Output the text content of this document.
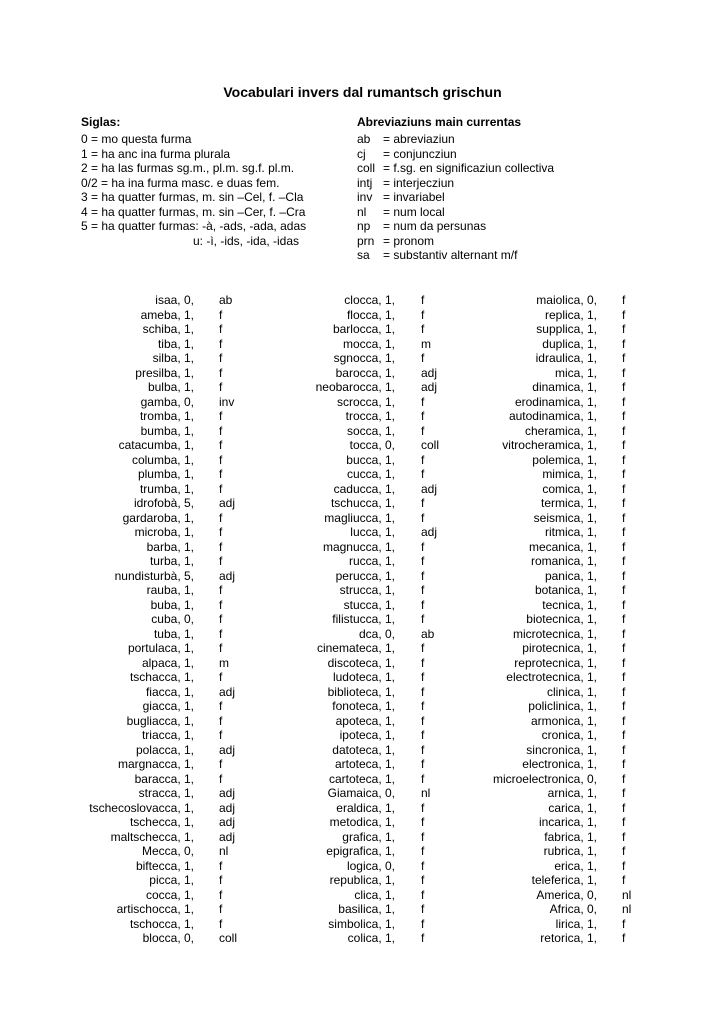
Vocabulari invers dal rumantsch grischun
Siglas:
0 = mo questa furma
1 = ha anc ina furma plurala
2 = ha las furmas sg.m., pl.m. sg.f. pl.m.
0/2 = ha ina furma masc. e duas fem.
3 = ha quatter furmas, m. sin –Cel, f. –Cla
4 = ha quatter furmas, m. sin –Cer, f. –Cra
5 = ha quatter furmas: -à, -ads, -ada, adas
u: -ì, -ids, -ida, -idas
Abreviaziuns main currentas
ab	= abreviaziun
cj	= conjuncziun
coll = f.sg. en significaziun collectiva
intj = interjecziun
inv = invariabel
nl	= num local
np	= num da persunas
prn = pronom
sa	= substantiv alternant m/f
isaa, 0, ab	clocca, 1, f	maiolica, 0, f
ameba, 1, f	flocca, 1, f	replica, 1, f
schiba, 1, f	barlocca, 1, f	supplica, 1, f
tiba, 1, f	mocca, 1, m	duplica, 1, f
silba, 1, f	sgnocca, 1, f	idraulica, 1, f
presilba, 1, f	barocca, 1, adj	mica, 1, f
bulba, 1, f	neobarocca, 1, adj	dinamica, 1, f
gamba, 0, inv	scrocca, 1, f	erodinamica, 1, f
tromba, 1, f	trocca, 1, f	autodinamica, 1, f
bumba, 1, f	socca, 1, f	cheramica, 1, f
catacumba, 1, f	tocca, 0, coll	vitrocheramica, 1, f
columba, 1, f	bucca, 1, f	polemica, 1, f
plumba, 1, f	cucca, 1, f	mimica, 1, f
trumba, 1, f	caducca, 1, adj	comica, 1, f
idrofobà, 5, adj	tschucca, 1, f	termica, 1, f
gardaroba, 1, f	magliucca, 1, f	seismica, 1, f
microba, 1, f	lucca, 1, adj	ritmica, 1, f
barba, 1, f	magnucca, 1, f	mecanica, 1, f
turba, 1, f	rucca, 1, f	romanica, 1, f
nundisturbà, 5, adj	perucca, 1, f	panica, 1, f
rauba, 1, f	strucca, 1, f	botanica, 1, f
buba, 1, f	stucca, 1, f	tecnica, 1, f
cuba, 0, f	filistucca, 1, f	biotecnica, 1, f
tuba, 1, f	dca, 0, ab	microtecnica, 1, f
portulaca, 1, f	cinemateca, 1, f	pirotecnica, 1, f
alpaca, 1, m	discoteca, 1, f	reprotecnica, 1, f
tschacca, 1, f	ludoteca, 1, f	electrotecnica, 1, f
fiacca, 1, adj	biblioteca, 1, f	clinica, 1, f
giacca, 1, f	fonoteca, 1, f	policlinica, 1, f
bugliacca, 1, f	apoteca, 1, f	armonica, 1, f
triacca, 1, f	ipoteca, 1, f	cronica, 1, f
polacca, 1, adj	datoteca, 1, f	sincronica, 1, f
margnacca, 1, f	artoteca, 1, f	electronica, 1, f
baracca, 1, f	cartoteca, 1, f	microelectronica, 0, f
stracca, 1, adj	Giamaica, 0, nl	arnica, 1, f
tschecoslovacca, 1, adj	eraldica, 1, f	carica, 1, f
tschecca, 1, adj	metodica, 1, f	incarica, 1, f
maltschecca, 1, adj	grafica, 1, f	fabrica, 1, f
Mecca, 0, nl	epigrafica, 1, f	rubrica, 1, f
biftecca, 1, f	logica, 0, f	erica, 1, f
picca, 1, f	republica, 1, f	teleferica, 1, f
cocca, 1, f	clica, 1, f	America, 0, nl
artischocca, 1, f	basilica, 1, f	Africa, 0, nl
tschocca, 1, f	simbolica, 1, f	lirica, 1, f
blocca, 0, coll	colica, 1, f	retorica, 1, f
